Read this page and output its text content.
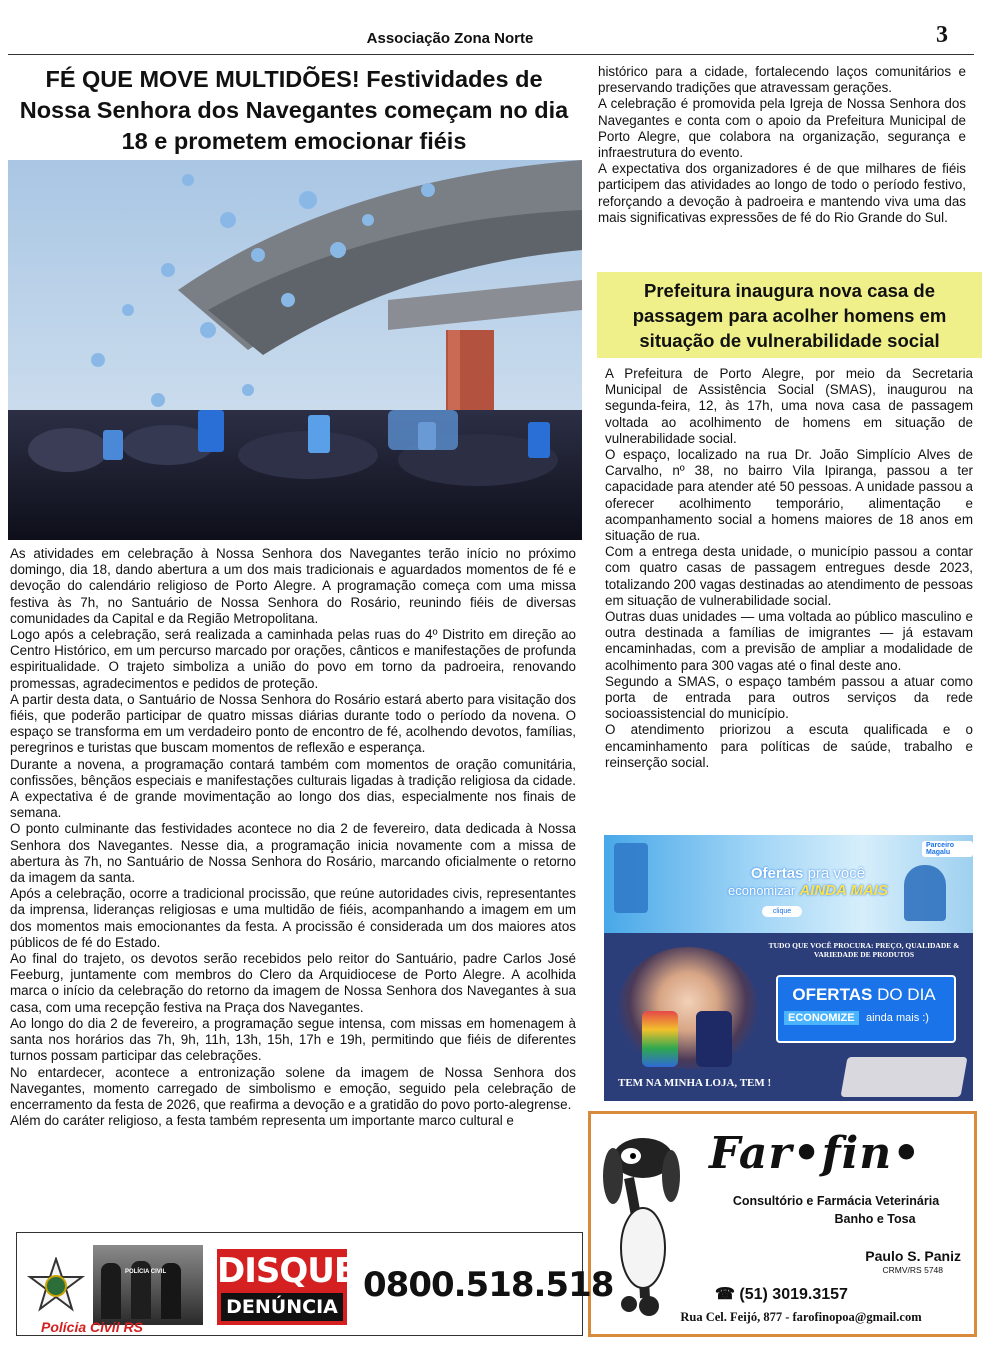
Associação Zona Norte	3
FÉ QUE MOVE MULTIDÕES! Festividades de Nossa Senhora dos Navegantes começam no dia 18 e prometem emocionar fiéis

As atividades em celebração à Nossa Senhora dos Navegantes terão início no próximo domingo, dia 18, dando abertura a um dos mais tradicionais e aguardados momentos de fé e devoção do calendário religioso de Porto Alegre. A programação começa com uma missa festiva às 7h, no Santuário de Nossa Senhora do Rosário, reunindo fiéis de diversas comunidades da Capital e da Região Metropolitana.

Logo após a celebração, será realizada a caminhada pelas ruas do 4º Distrito em direção ao Centro Histórico, em um percurso marcado por orações, cânticos e manifestações de profunda espiritualidade. O trajeto simboliza a união do povo em torno da padroeira, renovando promessas, agradecimentos e pedidos de proteção.

A partir desta data, o Santuário de Nossa Senhora do Rosário estará aberto para visitação dos fiéis, que poderão participar de quatro missas diárias durante todo o período da novena. O espaço se transforma em um verdadeiro ponto de encontro de fé, acolhendo devotos, famílias, peregrinos e turistas que buscam momentos de reflexão e esperança.

Durante a novena, a programação contará também com momentos de oração comunitária, confissões, bênçãos especiais e manifestações culturais ligadas à tradição religiosa da cidade. A expectativa é de grande movimentação ao longo dos dias, especialmente nos finais de semana.

O ponto culminante das festividades acontece no dia 2 de fevereiro, data dedicada à Nossa Senhora dos Navegantes. Nesse dia, a programação inicia novamente com a missa de abertura às 7h, no Santuário de Nossa Senhora do Rosário, marcando oficialmente o retorno da imagem da santa.

Após a celebração, ocorre a tradicional procissão, que reúne autoridades civis, representantes da imprensa, lideranças religiosas e uma multidão de fiéis, acompanhando a imagem em um dos momentos mais emocionantes da festa. A procissão é considerada um dos maiores atos públicos de fé do Estado.

Ao final do trajeto, os devotos serão recebidos pelo reitor do Santuário, padre Carlos José Feeburg, juntamente com membros do Clero da Arquidiocese de Porto Alegre. A acolhida marca o início da celebração do retorno da imagem de Nossa Senhora dos Navegantes à sua casa, com uma recepção festiva na Praça dos Navegantes.

Ao longo do dia 2 de fevereiro, a programação segue intensa, com missas em homenagem à santa nos horários das 7h, 9h, 11h, 13h, 15h, 17h e 19h, permitindo que fiéis de diferentes turnos possam participar das celebrações.

No entardecer, acontece a entronização solene da imagem de Nossa Senhora dos Navegantes, momento carregado de simbolismo e emoção, seguido pela celebração de encerramento da festa de 2026, que reafirma a devoção e a gratidão do povo porto-alegrense.

Além do caráter religioso, a festa também representa um importante marco cultural e

histórico para a cidade, fortalecendo laços comunitários e preservando tradições que atravessam gerações.

A celebração é promovida pela Igreja de Nossa Senhora dos Navegantes e conta com o apoio da Prefeitura Municipal de Porto Alegre, que colabora na organização, segurança e infraestrutura do evento.

A expectativa dos organizadores é de que milhares de fiéis participem das atividades ao longo de todo o período festivo, reforçando a devoção à padroeira e mantendo viva uma das mais significativas expressões de fé do Rio Grande do Sul.

Prefeitura inaugura nova casa de passagem para acolher homens em situação de vulnerabilidade social

A Prefeitura de Porto Alegre, por meio da Secretaria Municipal de Assistência Social (SMAS), inaugurou na segunda-feira, 12, às 17h, uma nova casa de passagem voltada ao acolhimento de homens em situação de vulnerabilidade social.

O espaço, localizado na rua Dr. João Simplício Alves de Carvalho, nº 38, no bairro Vila Ipiranga, passou a ter capacidade para atender até 50 pessoas. A unidade passou a oferecer acolhimento temporário, alimentação e acompanhamento social a homens maiores de 18 anos em situação de rua.

Com a entrega desta unidade, o município passou a contar com quatro casas de passagem entregues desde 2023, totalizando 200 vagas destinadas ao atendimento de pessoas em situação de vulnerabilidade social.

Outras duas unidades — uma voltada ao público masculino e outra destinada a famílias de imigrantes — já estavam encaminhadas, com a previsão de ampliar a modalidade de acolhimento para 300 vagas até o final deste ano.

Segundo a SMAS, o espaço também passou a atuar como porta de entrada para outros serviços da rede socioassistencial do município.

O atendimento priorizou a escuta qualificada e o encaminhamento para políticas de saúde, trabalho e reinserção social.

Parceiro Magalu
Ofertas pra você
economizar AINDA MAIS
clique
TUDO QUE VOCÊ PROCURA: PREÇO, QUALIDADE & VARIEDADE DE PRODUTOS
OFERTAS DO DIA
ECONOMIZE	ainda mais :)
TEM NA MINHA LOJA, TEM !
Far•fin•
Consultório e Farmácia Veterinária
Banho e Tosa
Paulo S. Paniz
CRMV/RS 5748
☎ (51) 3019.3157
Rua Cel. Feijó, 877 - farofinopoa@gmail.com
POLÍCIA CIVIL
Polícia Civil RS
DISQUE
DENÚNCIA
0800.518.518
